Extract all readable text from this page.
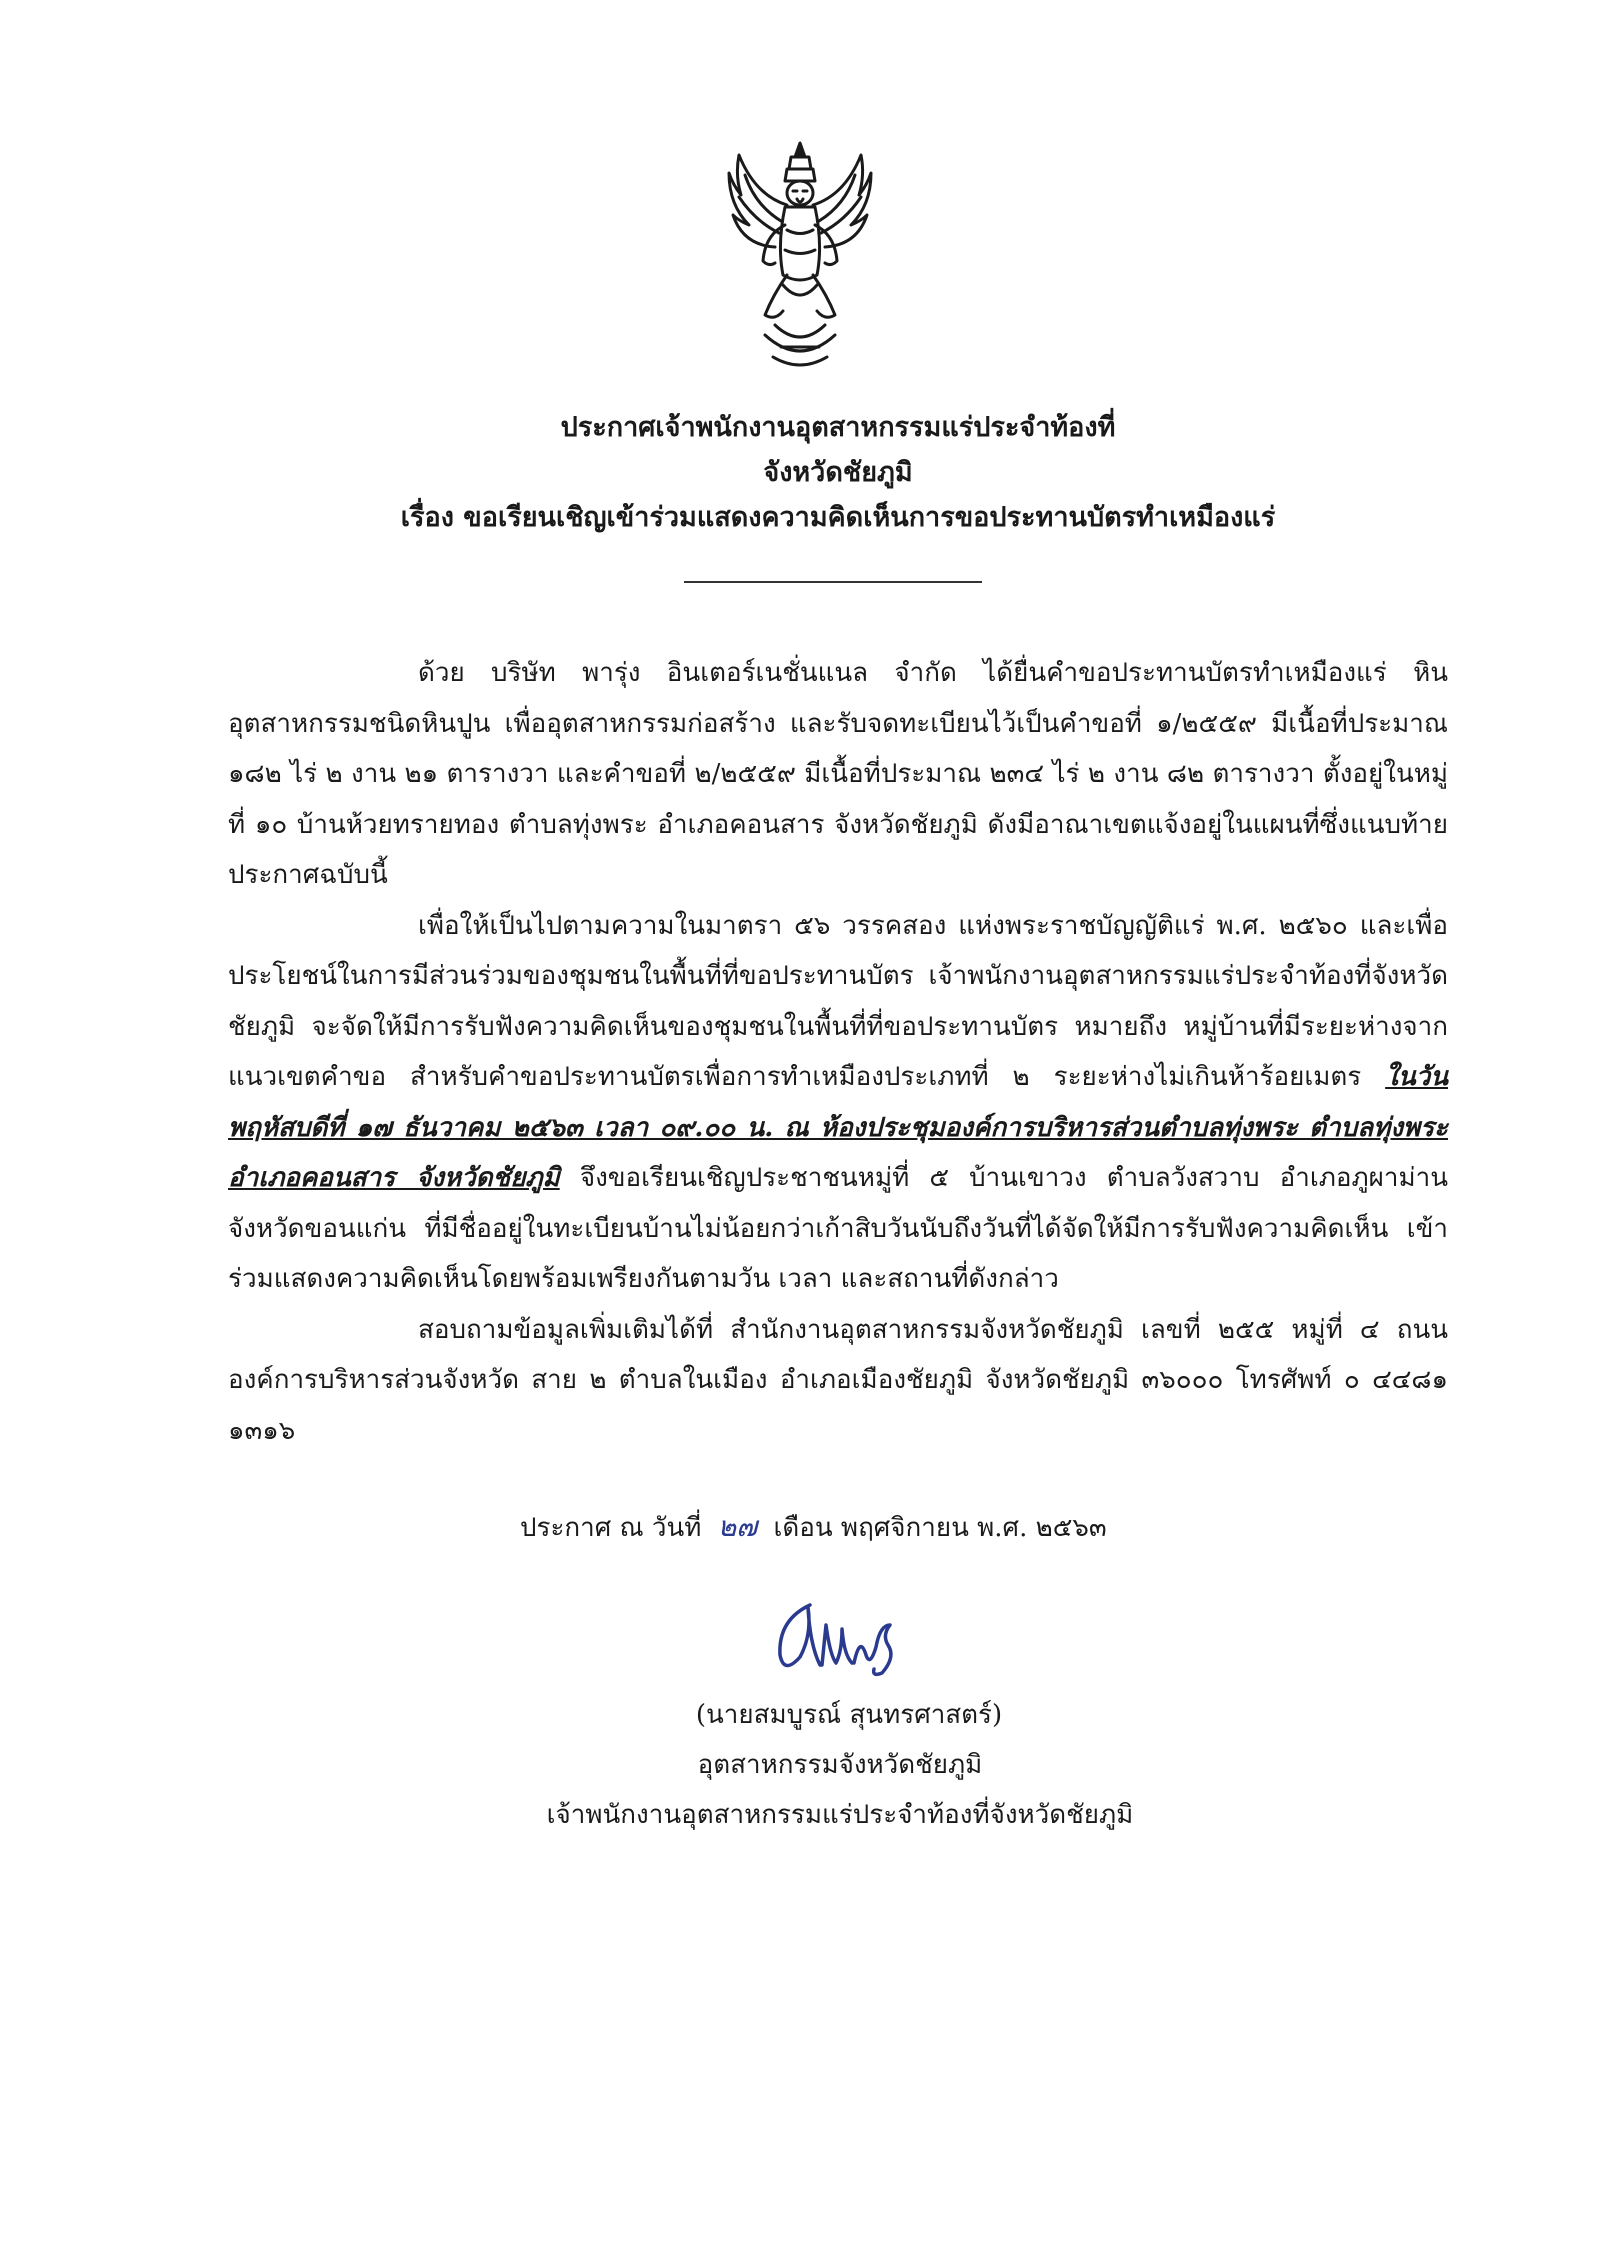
ประกาศเจ้าพนักงานอุตสาหกรรมแร่ประจำท้องที่
จังหวัดชัยภูมิ
เรื่อง ขอเรียนเชิญเข้าร่วมแสดงความคิดเห็นการขอประทานบัตรทำเหมืองแร่

ด้วย บริษัท พารุ่ง อินเตอร์เนชั่นแนล จำกัด ได้ยื่นคำขอประทานบัตรทำเหมืองแร่ หินอุตสาหกรรมชนิดหินปูน เพื่ออุตสาหกรรมก่อสร้าง และรับจดทะเบียนไว้เป็นคำขอที่ ๑/๒๕๕๙ มีเนื้อที่ประมาณ ๑๘๒ ไร่ ๒ งาน ๒๑ ตารางวา และคำขอที่ ๒/๒๕๕๙ มีเนื้อที่ประมาณ ๒๓๔ ไร่ ๒ งาน ๘๒ ตารางวา ตั้งอยู่ในหมู่ที่ ๑๐ บ้านห้วยทรายทอง ตำบลทุ่งพระ อำเภอคอนสาร จังหวัดชัยภูมิ ดังมีอาณาเขตแจ้งอยู่ในแผนที่ซึ่งแนบท้ายประกาศฉบับนี้

เพื่อให้เป็นไปตามความในมาตรา ๕๖ วรรคสอง แห่งพระราชบัญญัติแร่ พ.ศ. ๒๕๖๐ และเพื่อประโยชน์ในการมีส่วนร่วมของชุมชนในพื้นที่ที่ขอประทานบัตร เจ้าพนักงานอุตสาหกรรมแร่ประจำท้องที่จังหวัดชัยภูมิ จะจัดให้มีการรับฟังความคิดเห็นของชุมชนในพื้นที่ที่ขอประทานบัตร หมายถึง หมู่บ้านที่มีระยะห่างจากแนวเขตคำขอ สำหรับคำขอประทานบัตรเพื่อการทำเหมืองประเภทที่ ๒ ระยะห่างไม่เกินห้าร้อยเมตร ในวันพฤหัสบดีที่ ๑๗ ธันวาคม ๒๕๖๓ เวลา ๐๙.๐๐ น. ณ ห้องประชุมองค์การบริหารส่วนตำบลทุ่งพระ ตำบลทุ่งพระ อำเภอคอนสาร จังหวัดชัยภูมิ จึงขอเรียนเชิญประชาชนหมู่ที่ ๕ บ้านเขาวง ตำบลวังสวาบ อำเภอภูผาม่าน จังหวัดขอนแก่น ที่มีชื่ออยู่ในทะเบียนบ้านไม่น้อยกว่าเก้าสิบวันนับถึงวันที่ได้จัดให้มีการรับฟังความคิดเห็น เข้าร่วมแสดงความคิดเห็นโดยพร้อมเพรียงกันตามวัน เวลา และสถานที่ดังกล่าว

สอบถามข้อมูลเพิ่มเติมได้ที่ สำนักงานอุตสาหกรรมจังหวัดชัยภูมิ เลขที่ ๒๕๕ หมู่ที่ ๔ ถนนองค์การบริหารส่วนจังหวัด สาย ๒ ตำบลในเมือง อำเภอเมืองชัยภูมิ จังหวัดชัยภูมิ ๓๖๐๐๐ โทรศัพท์ ๐ ๔๔๘๑ ๑๓๑๖

ประกาศ ณ วันที่ ๒๗ เดือน พฤศจิกายน พ.ศ. ๒๕๖๓
(นายสมบูรณ์ สุนทรศาสตร์)
อุตสาหกรรมจังหวัดชัยภูมิ
เจ้าพนักงานอุตสาหกรรมแร่ประจำท้องที่จังหวัดชัยภูมิ
